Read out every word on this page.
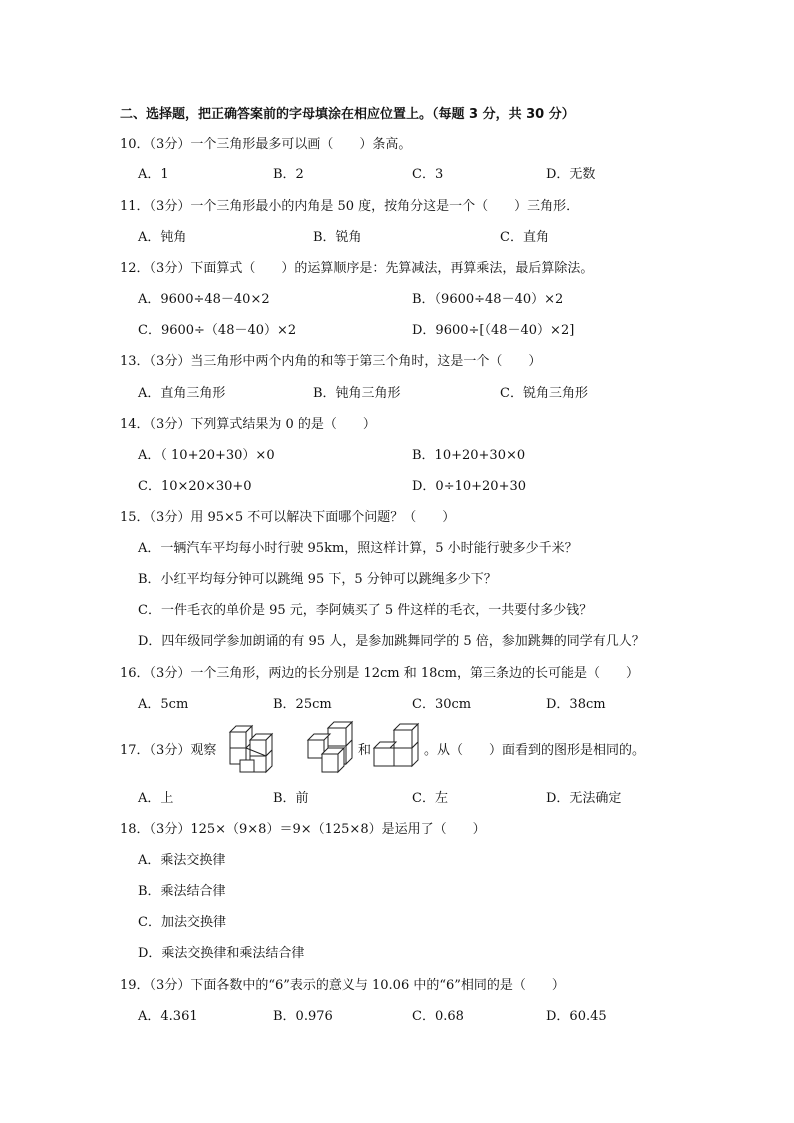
二、选择题，把正确答案前的字母填涂在相应位置上。（每题 3 分，共 30 分）
10．（3分）一个三角形最多可以画（　　）条高。
A．1	B．2	C．3	D．无数
11．（3分）一个三角形最小的内角是 50 度，按角分这是一个（　　）三角形．
A．钝角	B．锐角	C．直角
12．（3分）下面算式（　　）的运算顺序是：先算减法，再算乘法，最后算除法。
A．9600÷48－40×2	B．（9600÷48－40）×2
C．9600÷（48－40）×2	D．9600÷[（48－40）×2]
13．（3分）当三角形中两个内角的和等于第三个角时，这是一个（　　）
A．直角三角形	B．钝角三角形	C．锐角三角形
14．（3分）下列算式结果为 0 的是（　　）
A．（ 10+20+30）×0	B．10+20+30×0
C．10×20×30+0	D．0÷10+20+30
15．（3分）用 95×5 不可以解决下面哪个问题？（　　）
A．一辆汽车平均每小时行驶 95km，照这样计算，5 小时能行驶多少千米？
B．小红平均每分钟可以跳绳 95 下，5 分钟可以跳绳多少下？
C．一件毛衣的单价是 95 元，李阿姨买了 5 件这样的毛衣，一共要付多少钱？
D．四年级同学参加朗诵的有 95 人，是参加跳舞同学的 5 倍，参加跳舞的同学有几人？
16．（3分）一个三角形，两边的长分别是 12cm 和 18cm，第三条边的长可能是（　　）
A．5cm	B．25cm	C．30cm	D．38cm
17．（3分）观察	和	。从（　　）面看到的图形是相同的。
A．上	B．前	C．左	D．无法确定
18．（3分）125×（9×8）＝9×（125×8）是运用了（　　）
A．乘法交换律
B．乘法结合律
C．加法交换律
D．乘法交换律和乘法结合律
19．（3分）下面各数中的“6”表示的意义与 10.06 中的“6”相同的是（　　）
A．4.361	B．0.976	C．0.68	D．60.45
